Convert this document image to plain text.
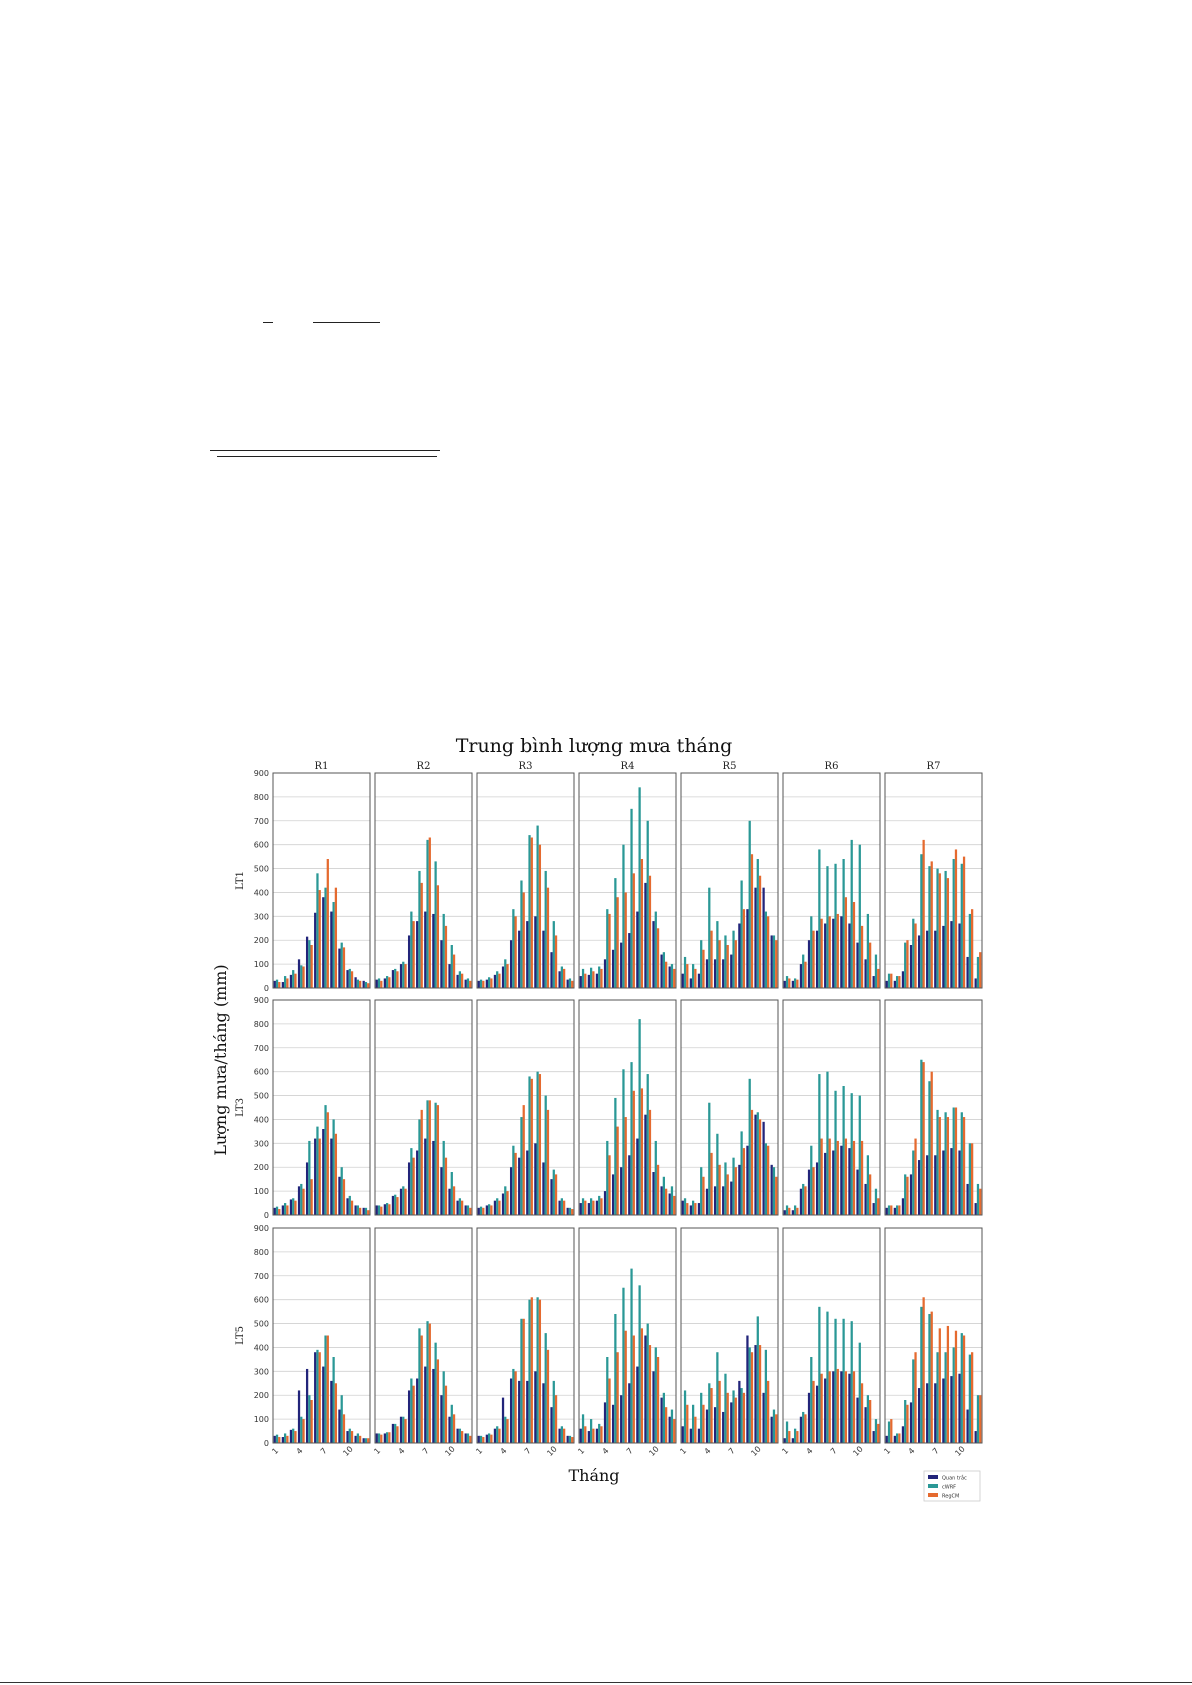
Trung bình lượng mưa tháng
Lượng mưa/tháng (mm)
Tháng
0
100
200
300
400
500
600
700
800
900
LT1
R1	R2	R3	R4	R5	R6	R7
0
100
200
300
400
500
600
700
800
900
LT3
0
100
200
300
400
500
600
700
800
900
LT5
1 4 7 10 1 4 7 10 1 4 7 10 1 4 7 10 1 4 7 10 1 4 7 10 1 4 7 10
Quan trắc
cWRF
RegCM
